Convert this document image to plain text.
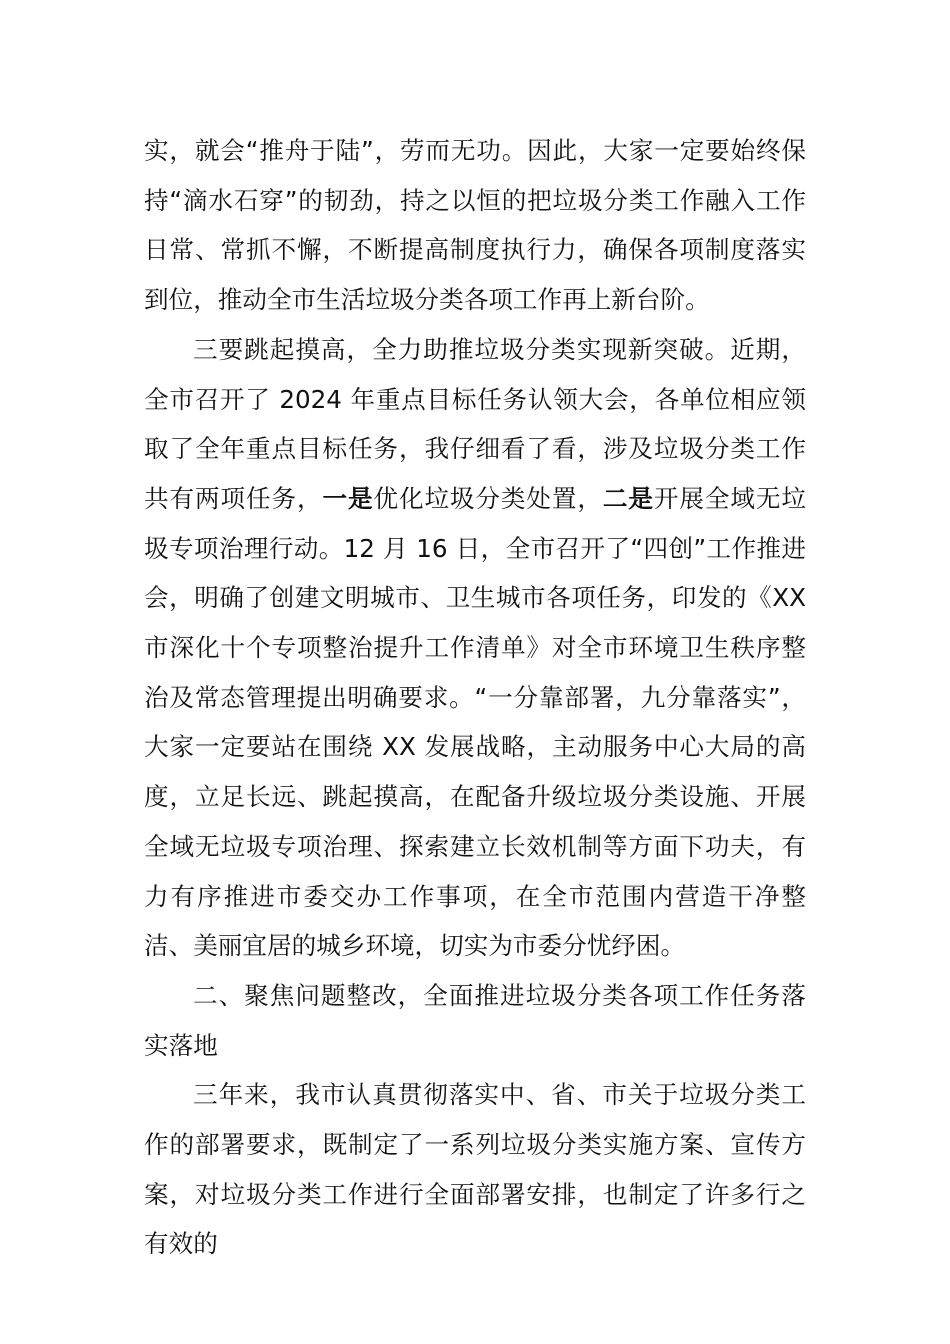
实，就会“推舟于陆”，劳而无功。因此，大家一定要始终保持“滴水石穿”的韧劲，持之以恒的把垃圾分类工作融入工作日常、常抓不懈，不断提高制度执行力，确保各项制度落实到位，推动全市生活垃圾分类各项工作再上新台阶。

三要跳起摸高，全力助推垃圾分类实现新突破。近期，全市召开了 2024 年重点目标任务认领大会，各单位相应领取了全年重点目标任务，我仔细看了看，涉及垃圾分类工作共有两项任务，一是优化垃圾分类处置，二是开展全域无垃圾专项治理行动。12 月 16 日，全市召开了“四创”工作推进会，明确了创建文明城市、卫生城市各项任务，印发的《XX 市深化十个专项整治提升工作清单》对全市环境卫生秩序整治及常态管理提出明确要求。“一分靠部署，九分靠落实”，大家一定要站在围绕 XX 发展战略，主动服务中心大局的高度，立足长远、跳起摸高，在配备升级垃圾分类设施、开展全域无垃圾专项治理、探索建立长效机制等方面下功夫，有力有序推进市委交办工作事项，在全市范围内营造干净整洁、美丽宜居的城乡环境，切实为市委分忧纾困。

二、聚焦问题整改，全面推进垃圾分类各项工作任务落实落地

三年来，我市认真贯彻落实中、省、市关于垃圾分类工作的部署要求，既制定了一系列垃圾分类实施方案、宣传方案，对垃圾分类工作进行全面部署安排，也制定了许多行之有效的
